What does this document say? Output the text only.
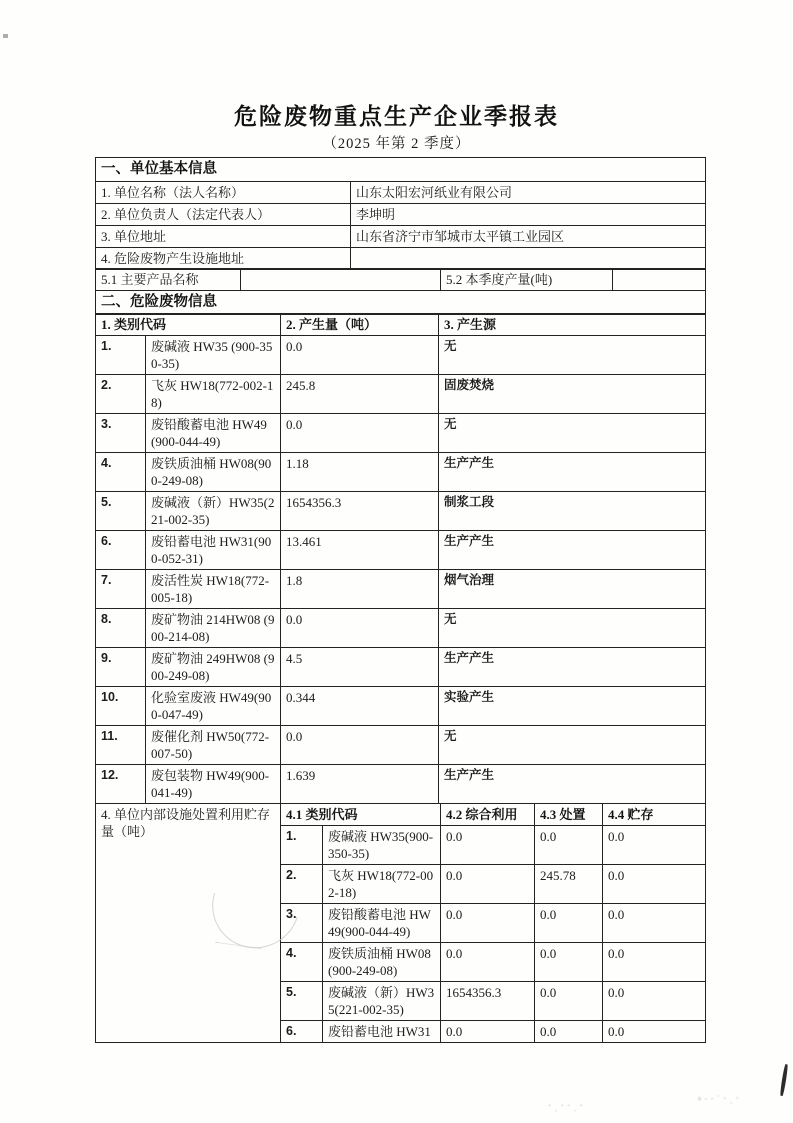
危险废物重点生产企业季报表
（2025 年第 2 季度）
一、单位基本信息	
1. 单位名称（法人名称）	山东太阳宏河纸业有限公司
2. 单位负责人（法定代表人）	李坤明
3. 单位地址	山东省济宁市邹城市太平镇工业园区
4. 危险废物产生设施地址	
5.1 主要产品名称		5.2 本季度产量(吨)	
二、危险废物信息
1. 类别代码		2. 产生量（吨）	3. 产生源
1.	废碱液 HW35 (900-350-35)	0.0	无
2.	飞灰 HW18(772-002-18)	245.8	固废焚烧
3.	废铅酸蓄电池 HW49(900-044-49)	0.0	无
4.	废铁质油桶 HW08(900-249-08)	1.18	生产产生
5.	废碱液（新）HW35(221-002-35)	1654356.3	制浆工段
6.	废铅蓄电池 HW31(900-052-31)	13.461	生产产生
7.	废活性炭 HW18(772-005-18)	1.8	烟气治理
8.	废矿物油 214HW08 (900-214-08)	0.0	无
9.	废矿物油 249HW08 (900-249-08)	4.5	生产产生
10.	化验室废液 HW49(900-047-49)	0.344	实验产生
11.	废催化剂 HW50(772-007-50)	0.0	无
12.	废包装物 HW49(900-041-49)	1.639	生产产生
4. 单位内部设施处置利用贮存量（吨）	4.1 类别代码		4.2 综合利用	4.3 处置	4.4 贮存
	1.	废碱液 HW35(900-350-35)	0.0	0.0	0.0
	2.	飞灰 HW18(772-002-18)	0.0	245.78	0.0
	3.	废铅酸蓄电池 HW49(900-044-49)	0.0	0.0	0.0
	4.	废铁质油桶 HW08 (900-249-08)	0.0	0.0	0.0
	5.	废碱液（新）HW35(221-002-35)	1654356.3	0.0	0.0
	6.	废铅蓄电池 HW31	0.0	0.0	0.0
·ˌ··ˌ·
ⁿ··ˈ·ˌ·
